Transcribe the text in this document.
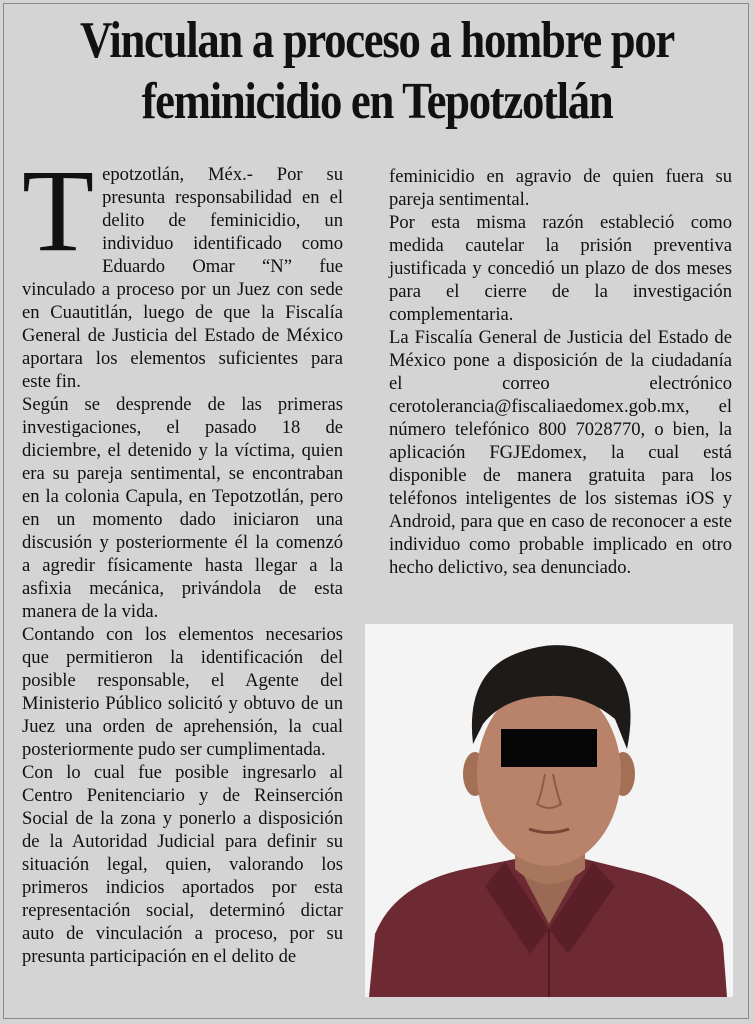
Vinculan a proceso a hombre por feminicidio en Tepotzotlán

Tepotzotlán, Méx.- Por su presunta responsabilidad en el delito de feminicidio, un individuo identificado como Eduardo Omar “N” fue vinculado a proceso por un Juez con sede en Cuautitlán, luego de que la Fiscalía General de Justicia del Estado de México aportara los elementos suficientes para este fin.

Según se desprende de las primeras investigaciones, el pasado 18 de diciembre, el detenido y la víctima, quien era su pareja sentimental, se encontraban en la colonia Capula, en Tepotzotlán, pero en un momento dado iniciaron una discusión y posteriormente él la comenzó a agredir físicamente hasta llegar a la asfixia mecánica, privándola de esta manera de la vida.

Contando con los elementos necesarios que permitieron la identificación del posible responsable, el Agente del Ministerio Público solicitó y obtuvo de un Juez una orden de aprehensión, la cual posteriormente pudo ser cumplimentada.

Con lo cual fue posible ingresarlo al Centro Penitenciario y de Reinserción Social de la zona y ponerlo a disposición de la Autoridad Judicial para definir su situación legal, quien, valorando los primeros indicios aportados por esta representación social, determinó dictar auto de vinculación a proceso, por su presunta participación en el delito de

feminicidio en agravio de quien fuera su pareja sentimental.

Por esta misma razón estableció como medida cautelar la prisión preventiva justificada y concedió un plazo de dos meses para el cierre de la investigación complementaria.

La Fiscalía General de Justicia del Estado de México pone a disposición de la ciudadanía el correo electrónico cerotolerancia@fiscaliaedomex.gob.mx, el número telefónico 800 7028770, o bien, la aplicación FGJEdomex, la cual está disponible de manera gratuita para los teléfonos inteligentes de los sistemas iOS y Android, para que en caso de reconocer a este individuo como probable implicado en otro hecho delictivo, sea denunciado.
